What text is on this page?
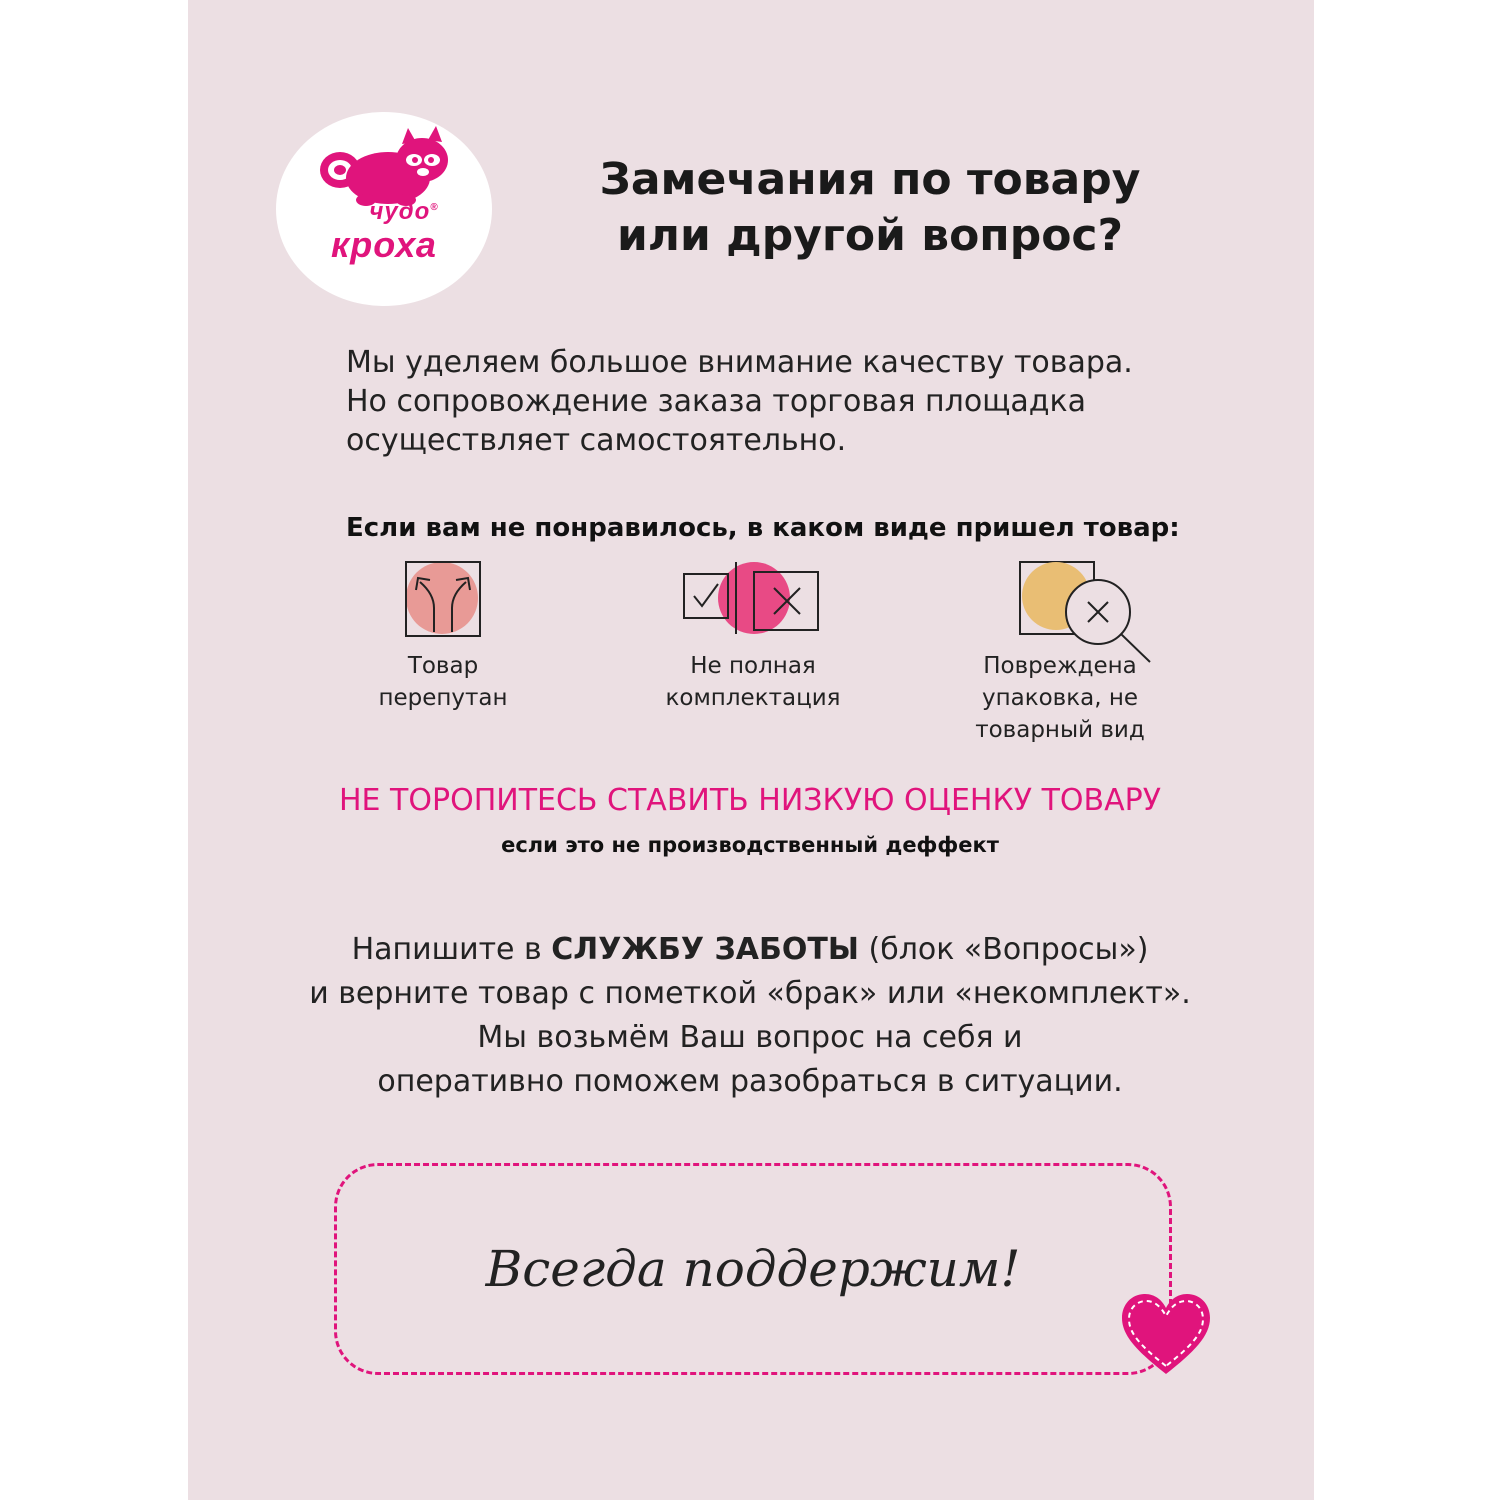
чудо®
кроха
Замечания по товару
или другой вопрос?
Мы уделяем большое внимание качеству товара.
Но сопровождение заказа торговая площадка
осуществляет самостоятельно.
Если вам не понравилось, в каком виде пришел товар:
Товар
перепутан
Не полная
комплектация
Повреждена
упаковка, не
товарный вид
НЕ ТОРОПИТЕСЬ СТАВИТЬ НИЗКУЮ ОЦЕНКУ ТОВАРУ
если это не производственный деффект
Напишите в СЛУЖБУ ЗАБОТЫ (блок «Вопросы»)
и верните товар с пометкой «брак» или «некомплект».
Мы возьмём Ваш вопрос на себя и
оперативно поможем разобраться в ситуации.
Всегда поддержим!
